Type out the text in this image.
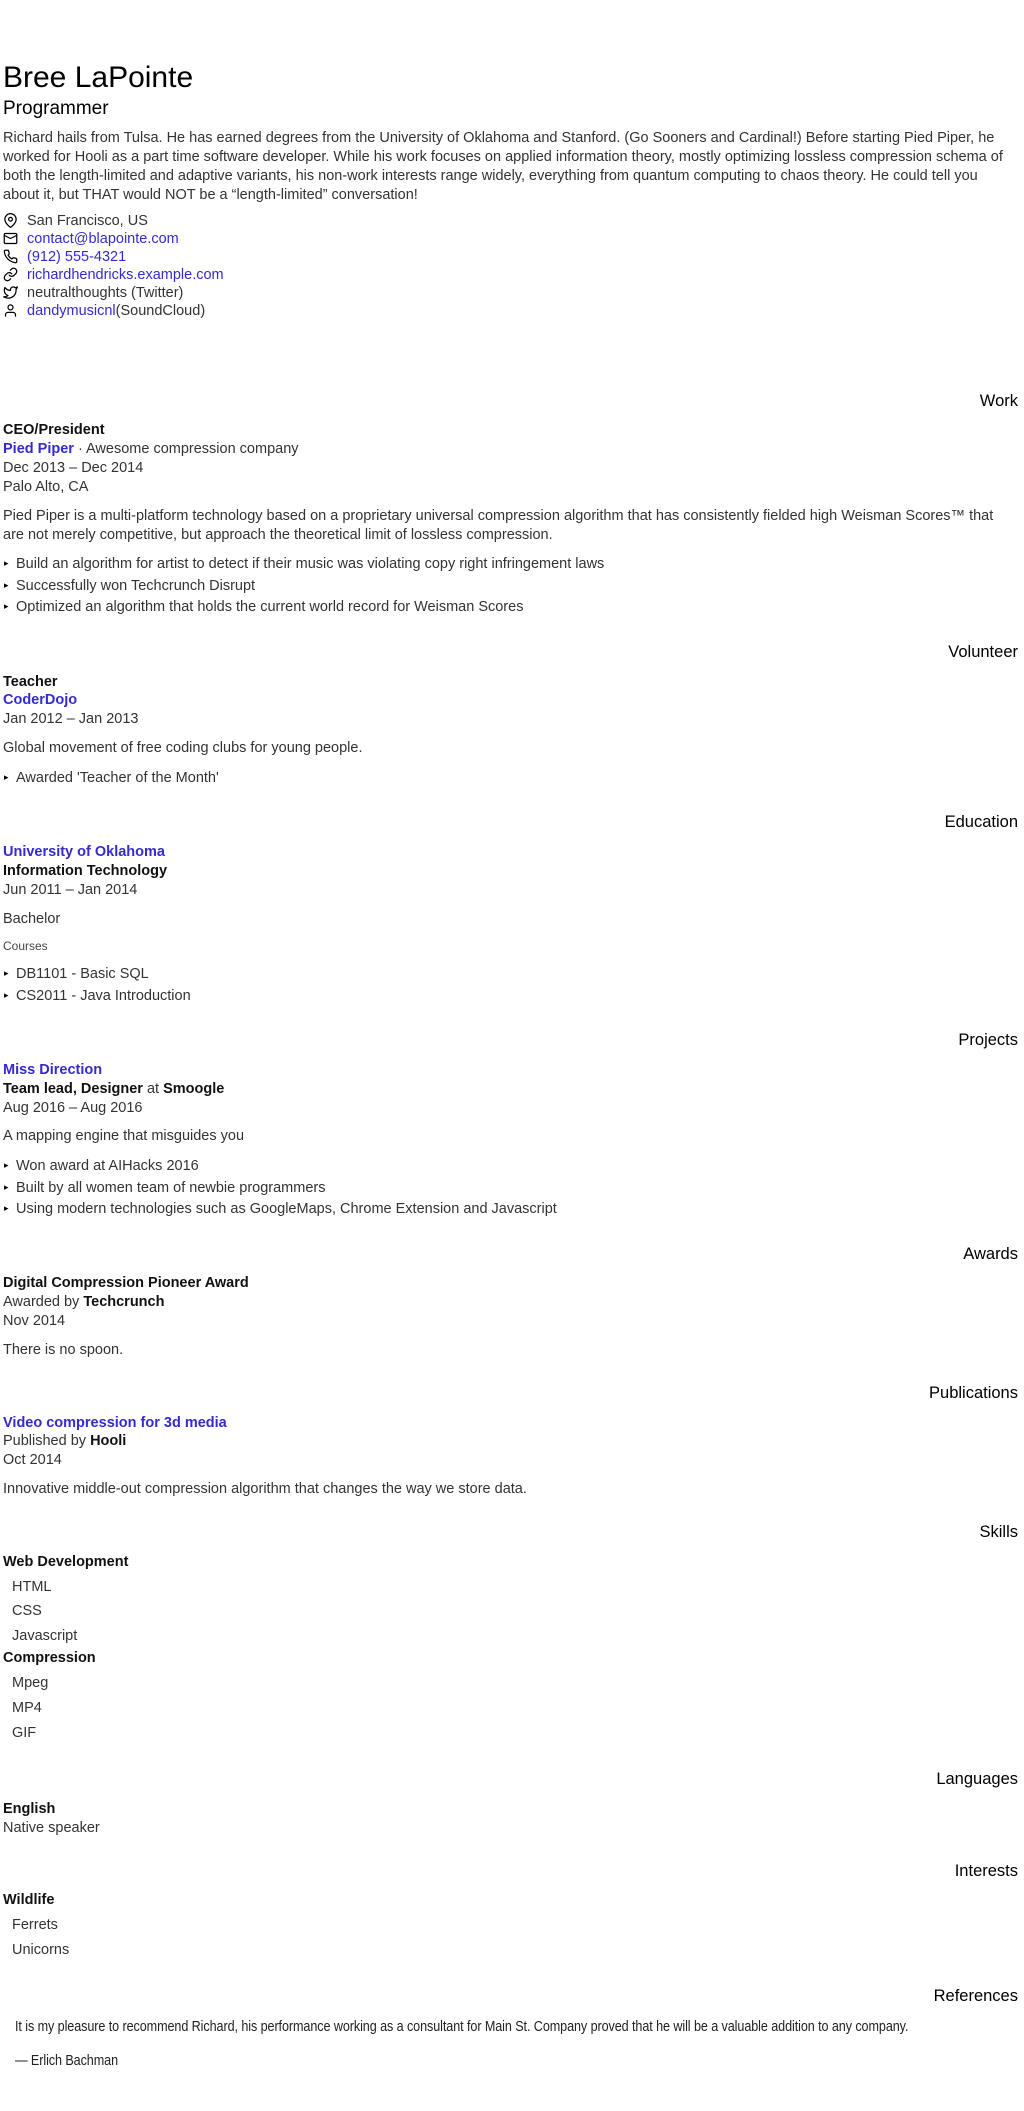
Bree LaPointe
Programmer

Richard hails from Tulsa. He has earned degrees from the University of Oklahoma and Stanford. (Go Sooners and Cardinal!) Before starting Pied Piper, he worked for Hooli as a part time software developer. While his work focuses on applied information theory, mostly optimizing lossless compression schema of both the length-limited and adaptive variants, his non-work interests range widely, everything from quantum computing to chaos theory. He could tell you about it, but THAT would NOT be a “length-limited” conversation!

San Francisco, US
contact@blapointe.com
(912) 555-4321
richardhendricks.example.com
neutralthoughts (Twitter)
dandymusicnl (SoundCloud)
Work
CEO/President
Pied Piper · Awesome compression company
Dec 2013 – Dec 2014
Palo Alto, CA

Pied Piper is a multi-platform technology based on a proprietary universal compression algorithm that has consistently fielded high Weisman Scores™ that are not merely competitive, but approach the theoretical limit of lossless compression.

▸ Build an algorithm for artist to detect if their music was violating copy right infringement laws
▸ Successfully won Techcrunch Disrupt
▸ Optimized an algorithm that holds the current world record for Weisman Scores
Volunteer
Teacher
CoderDojo
Jan 2012 – Jan 2013

Global movement of free coding clubs for young people.

▸ Awarded 'Teacher of the Month'
Education
University of Oklahoma
Information Technology
Jun 2011 – Jan 2014

Bachelor

Courses
▸ DB1101 - Basic SQL
▸ CS2011 - Java Introduction
Projects
Miss Direction
Team lead, Designer at Smoogle
Aug 2016 – Aug 2016

A mapping engine that misguides you

▸ Won award at AIHacks 2016
▸ Built by all women team of newbie programmers
▸ Using modern technologies such as GoogleMaps, Chrome Extension and Javascript
Awards
Digital Compression Pioneer Award
Awarded by Techcrunch
Nov 2014

There is no spoon.

Publications
Video compression for 3d media
Published by Hooli
Oct 2014

Innovative middle-out compression algorithm that changes the way we store data.

Skills
Web Development
HTML
CSS
Javascript
Compression
Mpeg
MP4
GIF
Languages
English
Native speaker
Interests
Wildlife
Ferrets
Unicorns
References

It is my pleasure to recommend Richard, his performance working as a consultant for Main St. Company proved that he will be a valuable addition to any company.

— Erlich Bachman
